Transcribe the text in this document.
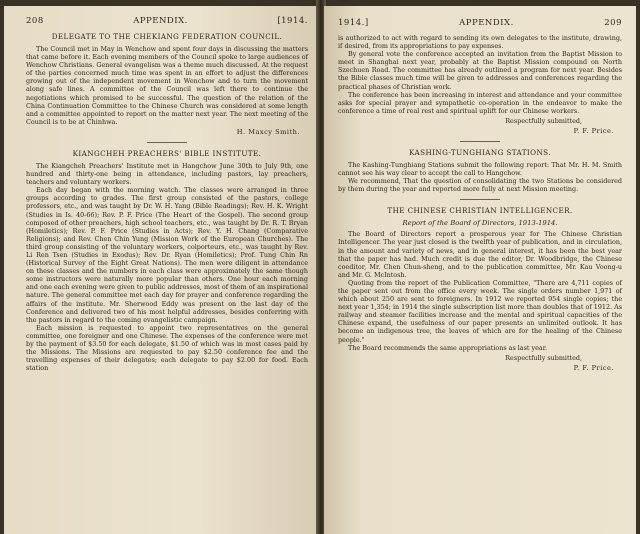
208	APPENDIX.	[1914.
DELEGATE TO THE CHEKIANG FEDERATION COUNCIL.

The Council met in May in Wenchow and spent four days in discussing the matters that came before it. Each evening members of the Council spoke to large audiences of Wenchow Christians. General evangelism was a theme much discussed. At the request of the parties concerned much time was spent in an effort to adjust the differences growing out of the independent movement in Wenchow and to turn the movement along safe lines. A committee of the Council was left there to continue the negotiations which promised to be successful. The question of the relation of the China Continuation Committee to the Chinese Church was considered at some length and a committee appointed to report on the matter next year. The next meeting of the Council is to be at Chinhwa.

H. Maxcy Smith.
KIANGCHEH PREACHERS' BIBLE INSTITUTE.

The Kiangcheh Preachers' Institute met in Hangchow June 30th to July 9th, one hundred and thirty-one being in attendance, including pastors, lay preachers, teachers and voluntary workers.

Each day began with the morning watch. The classes were arranged in three groups according to grades. The first group consisted of the pastors, college professors, etc., and was taught by Dr. W. H. Yang (Bible Readings); Rev. H. K. Wright (Studies in Is. 40-66); Rev. P. F. Price (The Heart of the Gospel). The second group composed of other preachers, high school teachers, etc., was taught by Dr. R. T. Bryan (Homiletics); Rev. P. F. Price (Studies in Acts); Rev. Y. H. Chang (Comparative Religions); and Rev. Chen Chin Yung (Mission Work of the European Churches). The third group consisting of the voluntary workers, colporteurs, etc., was taught by Rev. Li Ren Tsen (Studies in Exodus); Rev. Dr. Ryan (Homiletics); Prof. Tung Chin Rn (Historical Survey of the Eight Great Nations). The men were diligent in attendance on these classes and the numbers in each class were approximately the same though some instructors were naturally more popular than others. One hour each morning and one each evening were given to public addresses, most of them of an inspirational nature. The general committee met each day for prayer and conference regarding the affairs of the institute. Mr. Sherwood Eddy was present on the last day of the Conference and delivered two of his most helpful addresses, besides conferring with the pastors in regard to the coming evangelistic campaign.

Each mission is requested to appoint two representatives on the general committee, one foreigner and one Chinese. The expenses of the conference were met by the payment of $3.50 for each delegate, $1.50 of which was in most cases paid by the Missions. The Missions are requested to pay $2.50 conference fee and the travelling expenses of their delegates; each delegate to pay $2.00 for food. Each station

1914.]	APPENDIX.	209

is authorized to act with regard to sending its own delegates to the institute, drawing, if desired, from its appropriations to pay expenses.

By general vote the conference accepted an invitation from the Baptist Mission to meet in Shanghai next year, probably at the Baptist Mission compound on North Szechuen Road. The committee has already outlined a program for next year. Besides the Bible classes much time will be given to addresses and conferences regarding the practical phases of Christian work.

The conference has been increasing in interest and attendance and your committee asks for special prayer and sympathetic co-operation in the endeavor to make the conference a time of real rest and spiritual uplift for our Chinese workers.

Respectfully submitted,
P. F. Price.
KASHING-TUNGHIANG STATIONS.

The Kashing-Tunghiang Stations submit the following report: That Mr. H. M. Smith cannot see his way clear to accept the call to Hangchow.

We recommend, That the question of consolidating the two Stations be considered by them during the year and reported more fully at next Mission meeting.

THE CHINESE CHRISTIAN INTELLIGENCER.
Report of the Board of Directors, 1913-1914.

The Board of Directors report a prosperous year for The Chinese Christian Intelligencer. The year just closed is the twelfth year of publication, and in circulation, in the amount and variety of news, and in general interest, it has been the best year that the paper has had. Much credit is due the editor, Dr. Woodbridge, the Chinese coeditor, Mr. Chen Chun-sheng, and to the publication committee, Mr. Kau Voong-u and Mr. G. McIntosh.

Quoting from the report of the Publication Committee, "There are 4,711 copies of the paper sent out from the office every week. The single orders number 1,971 of which about 250 are sent to foreigners. In 1912 we reported 954 single copies; the next year 1,354; in 1914 the single subscription list more than doubles that of 1912. As railway and steamer facilities increase and the mental and spiritual capacities of the Chinese expand, the usefulness of our paper presents an unlimited outlook. It has become an indigenous tree, the leaves of which are for the healing of the Chinese people."

The Board recommends the same appropriations as last year.

Respectfully submitted,
P. F. Price.
